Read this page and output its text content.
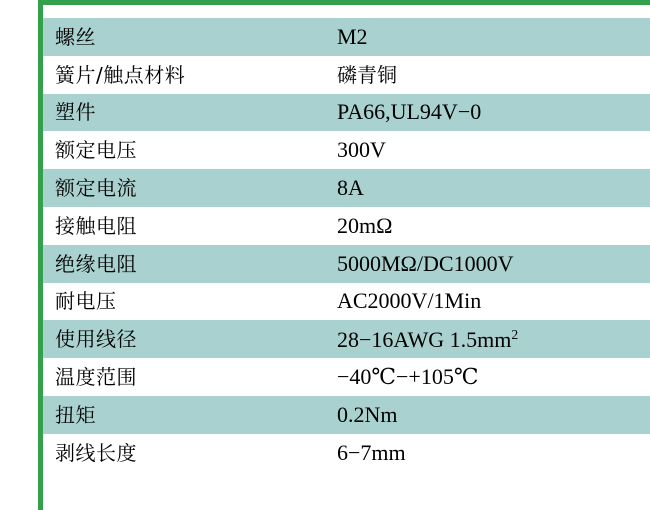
螺丝	M2
簧片/触点材料	磷青铜
塑件	PA66,UL94V−0
额定电压	300V
额定电流	8A
接触电阻	20mΩ
绝缘电阻	5000MΩ/DC1000V
耐电压	AC2000V/1Min
使用线径	28−16AWG $1.5mm^2$
温度范围	−40℃−+105℃
扭矩	0.2Nm
剥线长度	6−7mm
